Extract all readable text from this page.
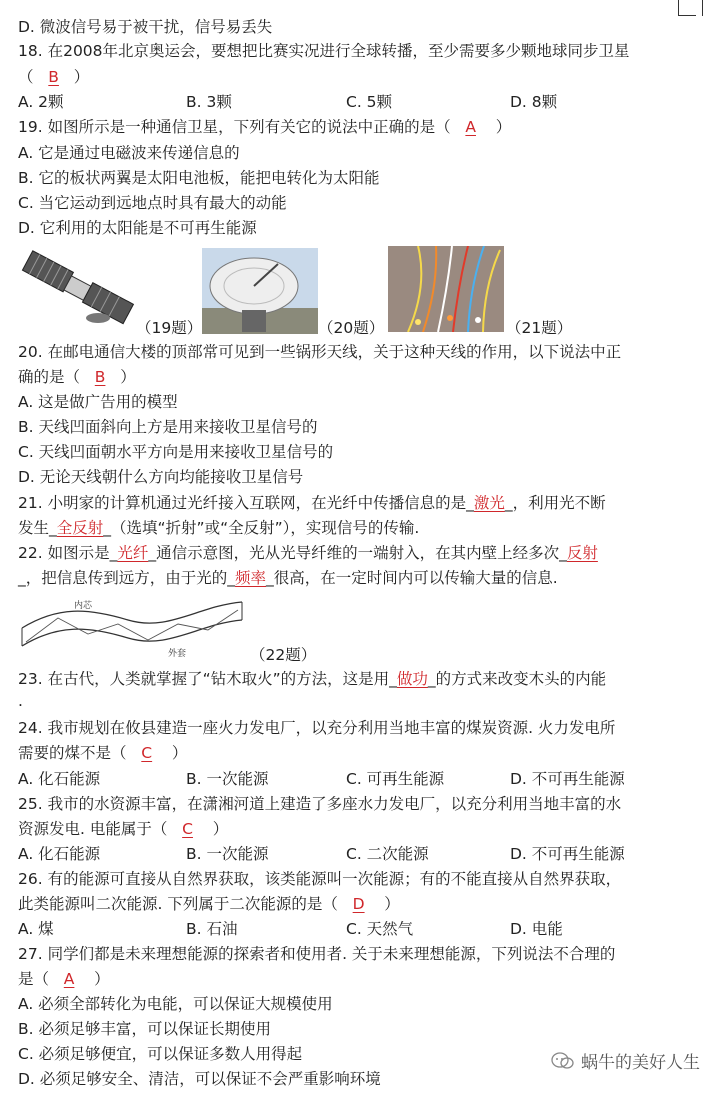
D. 微波信号易于被干扰，信号易丢失
18. 在2008年北京奥运会，要想把比赛实况进行全球转播，至少需要多少颗地球同步卫星
（ B ）
A. 2颗	B. 3颗	C. 5颗	D. 8颗
19. 如图所示是一种通信卫星，下列有关它的说法中正确的是（ A ）
A. 它是通过电磁波来传递信息的
B. 它的板状两翼是太阳电池板，能把电转化为太阳能
C. 当它运动到远地点时具有最大的动能
D. 它利用的太阳能是不可再生能源
（19题）	（20题）	（21题）
20. 在邮电通信大楼的顶部常可见到一些锅形天线，关于这种天线的作用，以下说法中正
确的是（ B ）
A. 这是做广告用的模型
B. 天线凹面斜向上方是用来接收卫星信号的
C. 天线凹面朝水平方向是用来接收卫星信号的
D. 无论天线朝什么方向均能接收卫星信号
21. 小明家的计算机通过光纤接入互联网，在光纤中传播信息的是_激光_，利用光不断
发生_全反射_（选填“折射”或“全反射”），实现信号的传输.
22. 如图示是_光纤_通信示意图，光从光导纤维的一端射入，在其内壁上经多次_反射
_，把信息传到远方，由于光的_频率_很高，在一定时间内可以传输大量的信息.
内芯
外套	（22题）
23. 在古代，人类就掌握了“钻木取火”的方法，这是用_做功_的方式来改变木头的内能
.
24. 我市规划在攸县建造一座火力发电厂，以充分利用当地丰富的煤炭资源. 火力发电所
需要的煤不是（ C ）
A. 化石能源	B. 一次能源	C. 可再生能源	D. 不可再生能源
25. 我市的水资源丰富，在潇湘河道上建造了多座水力发电厂，以充分利用当地丰富的水
资源发电. 电能属于（ C ）
A. 化石能源	B. 一次能源	C. 二次能源	D. 不可再生能源
26. 有的能源可直接从自然界获取，该类能源叫一次能源；有的不能直接从自然界获取，
此类能源叫二次能源. 下列属于二次能源的是（ D ）
A. 煤	B. 石油	C. 天然气	D. 电能
27. 同学们都是未来理想能源的探索者和使用者. 关于未来理想能源，下列说法不合理的
是（ A ）
A. 必须全部转化为电能，可以保证大规模使用
B. 必须足够丰富，可以保证长期使用
C. 必须足够便宜，可以保证多数人用得起
D. 必须足够安全、清洁，可以保证不会严重影响环境
蜗牛的美好人生
